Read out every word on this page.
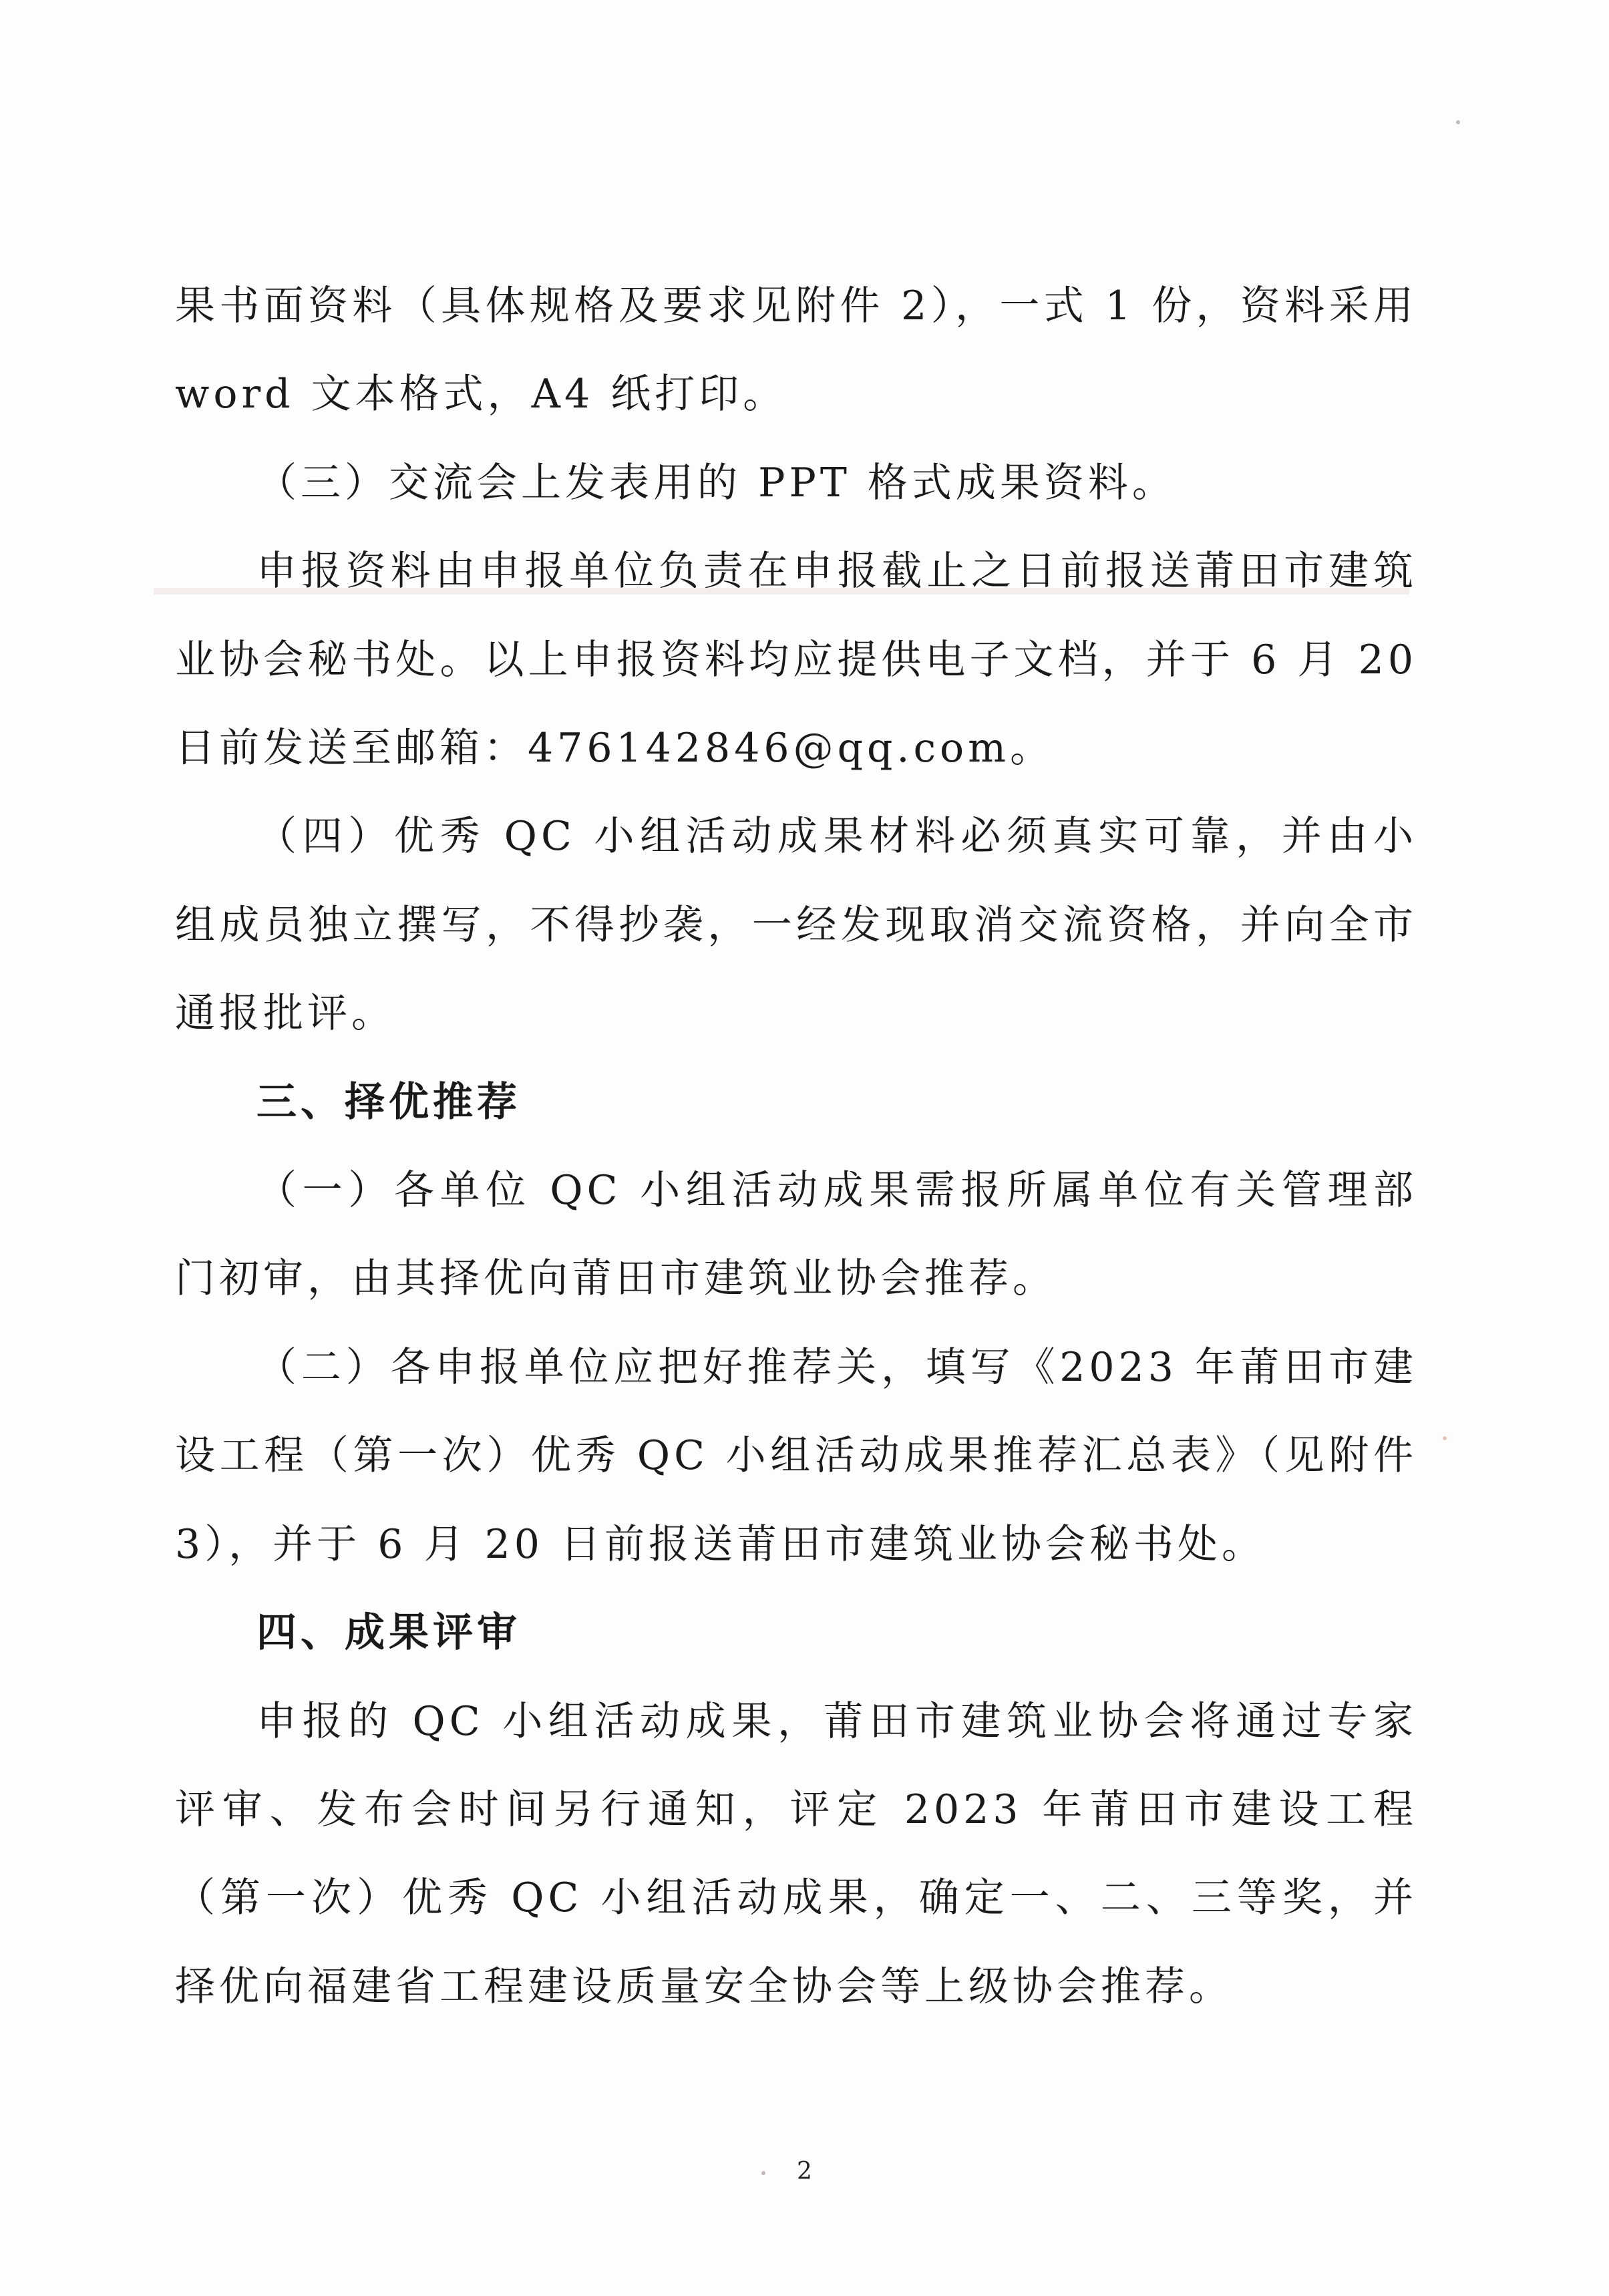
果书面资料（具体规格及要求见附件 2），一式 1 份，资料采用 word 文本格式，A4 纸打印。

（三）交流会上发表用的 PPT 格式成果资料。

申报资料由申报单位负责在申报截止之日前报送莆田市建筑业协会秘书处。以上申报资料均应提供电子文档，并于 6 月 20 日前发送至邮箱：476142846@qq.com。

（四）优秀 QC 小组活动成果材料必须真实可靠，并由小组成员独立撰写，不得抄袭，一经发现取消交流资格，并向全市通报批评。

三、择优推荐

（一）各单位 QC 小组活动成果需报所属单位有关管理部门初审，由其择优向莆田市建筑业协会推荐。

（二）各申报单位应把好推荐关，填写《2023 年莆田市建设工程（第一次）优秀 QC 小组活动成果推荐汇总表》（见附件 3），并于 6 月 20 日前报送莆田市建筑业协会秘书处。

四、成果评审

申报的 QC 小组活动成果，莆田市建筑业协会将通过专家评审、发布会时间另行通知，评定 2023 年莆田市建设工程（第一次）优秀 QC 小组活动成果，确定一、二、三等奖，并择优向福建省工程建设质量安全协会等上级协会推荐。

2
